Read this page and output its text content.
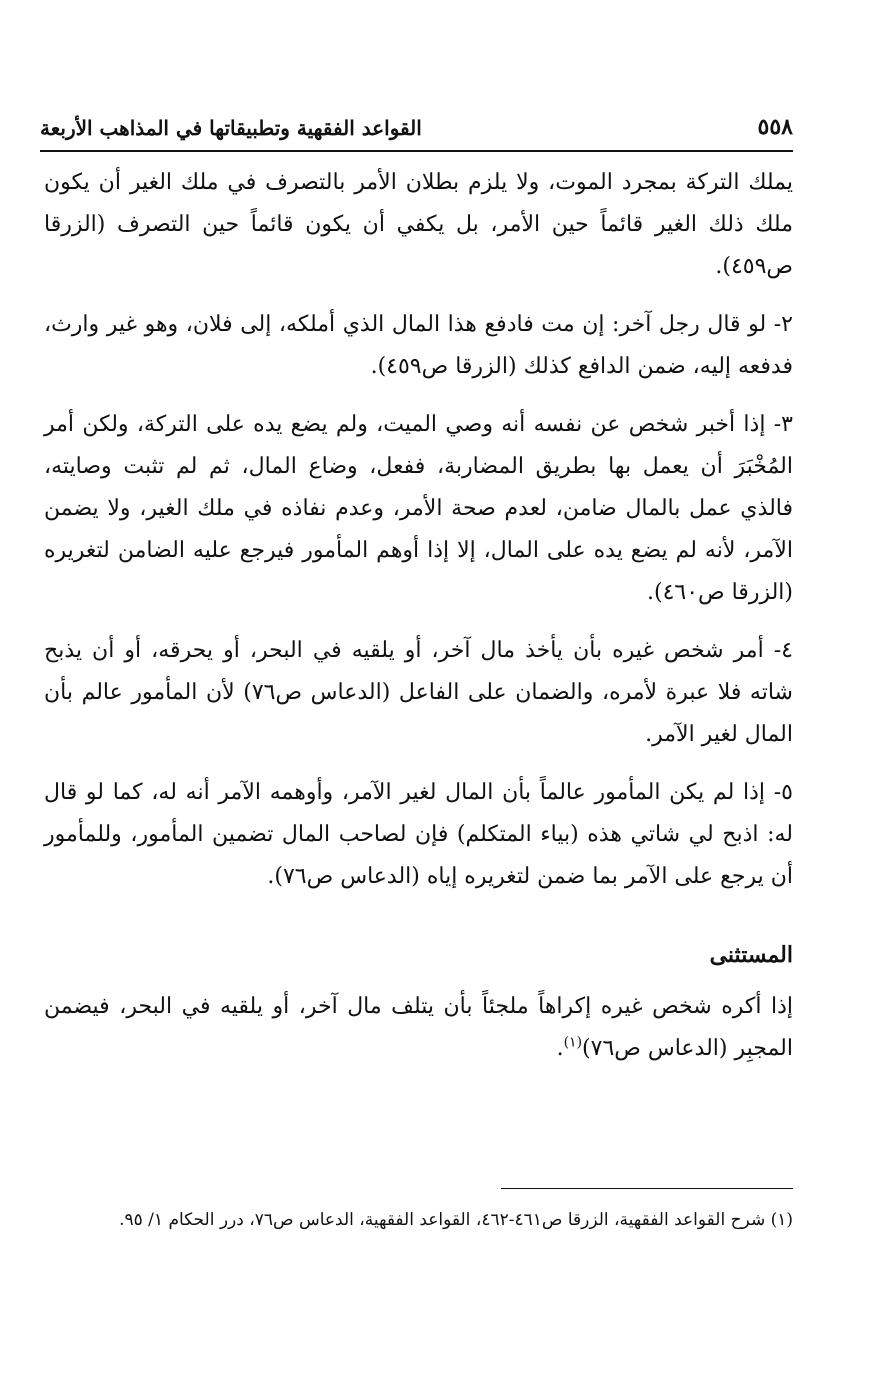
٥٥٨
القواعد الفقهية وتطبيقاتها في المذاهب الأربعة

يملك التركة بمجرد الموت، ولا يلزم بطلان الأمر بالتصرف في ملك الغير أن يكون ملك ذلك الغير قائماً حين الأمر، بل يكفي أن يكون قائماً حين التصرف (الزرقا ص٤٥٩).

٢- لو قال رجل آخر: إن مت فادفع هذا المال الذي أملكه، إلى فلان، وهو غير وارث، فدفعه إليه، ضمن الدافع كذلك (الزرقا ص٤٥٩).

٣- إذا أخبر شخص عن نفسه أنه وصي الميت، ولم يضع يده على التركة، ولكن أمر المُخْبَرَ أن يعمل بها بطريق المضاربة، ففعل، وضاع المال، ثم لم تثبت وصايته، فالذي عمل بالمال ضامن، لعدم صحة الأمر، وعدم نفاذه في ملك الغير، ولا يضمن الآمر، لأنه لم يضع يده على المال، إلا إذا أوهم المأمور فيرجع عليه الضامن لتغريره (الزرقا ص٤٦٠).

٤- أمر شخص غيره بأن يأخذ مال آخر، أو يلقيه في البحر، أو يحرقه، أو أن يذبح شاته فلا عبرة لأمره، والضمان على الفاعل (الدعاس ص٧٦) لأن المأمور عالم بأن المال لغير الآمر.

٥- إذا لم يكن المأمور عالماً بأن المال لغير الآمر، وأوهمه الآمر أنه له، كما لو قال له: اذبح لي شاتي هذه (بياء المتكلم) فإن لصاحب المال تضمين المأمور، وللمأمور أن يرجع على الآمر بما ضمن لتغريره إياه (الدعاس ص٧٦).

المستثنى

إذا أكره شخص غيره إكراهاً ملجئاً بأن يتلف مال آخر، أو يلقيه في البحر، فيضمن المجبِر (الدعاس ص٧٦)$^{(١)}$.

(١) شرح القواعد الفقهية، الزرقا ص٤٦١-٤٦٢، القواعد الفقهية، الدعاس ص٧٦، درر الحكام ١/ ٩٥.
